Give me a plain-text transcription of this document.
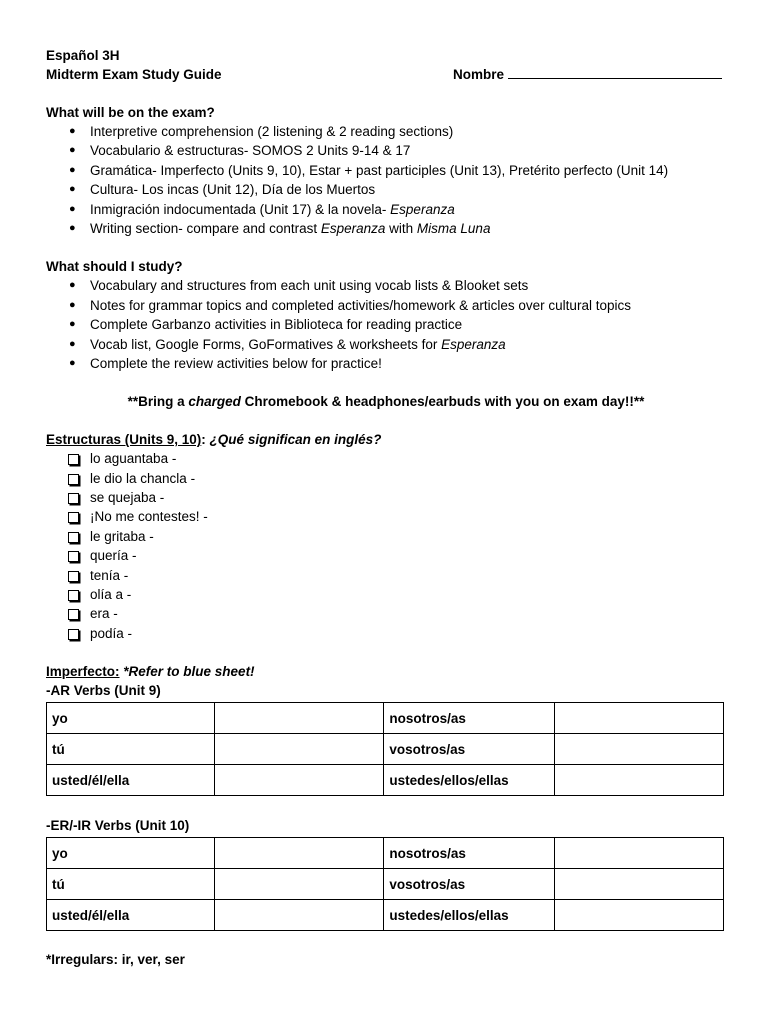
Español 3H
Midterm Exam Study Guide	Nombre
What will be on the exam?
● Interpretive comprehension (2 listening & 2 reading sections)
● Vocabulario & estructuras- SOMOS 2 Units 9-14 & 17
● Gramática- Imperfecto (Units 9, 10), Estar + past participles (Unit 13), Pretérito perfecto (Unit 14)
● Cultura- Los incas (Unit 12), Día de los Muertos
● Inmigración indocumentada (Unit 17) & la novela- Esperanza
● Writing section- compare and contrast Esperanza with Misma Luna
What should I study?
● Vocabulary and structures from each unit using vocab lists & Blooket sets
● Notes for grammar topics and completed activities/homework & articles over cultural topics
● Complete Garbanzo activities in Biblioteca for reading practice
● Vocab list, Google Forms, GoFormatives & worksheets for Esperanza
● Complete the review activities below for practice!
**Bring a charged Chromebook & headphones/earbuds with you on exam day!!**
Estructuras (Units 9, 10): ¿Qué significan en inglés?
lo aguantaba -
le dio la chancla -
se quejaba -
¡No me contestes! -
le gritaba -
quería -
tenía -
olía a -
era -
podía -
Imperfecto: *Refer to blue sheet!
-AR Verbs (Unit 9)
yo		nosotros/as	
tú		vosotros/as	
usted/él/ella		ustedes/ellos/ellas	
-ER/-IR Verbs (Unit 10)
yo		nosotros/as	
tú		vosotros/as	
usted/él/ella		ustedes/ellos/ellas	
*Irregulars: ir, ver, ser
